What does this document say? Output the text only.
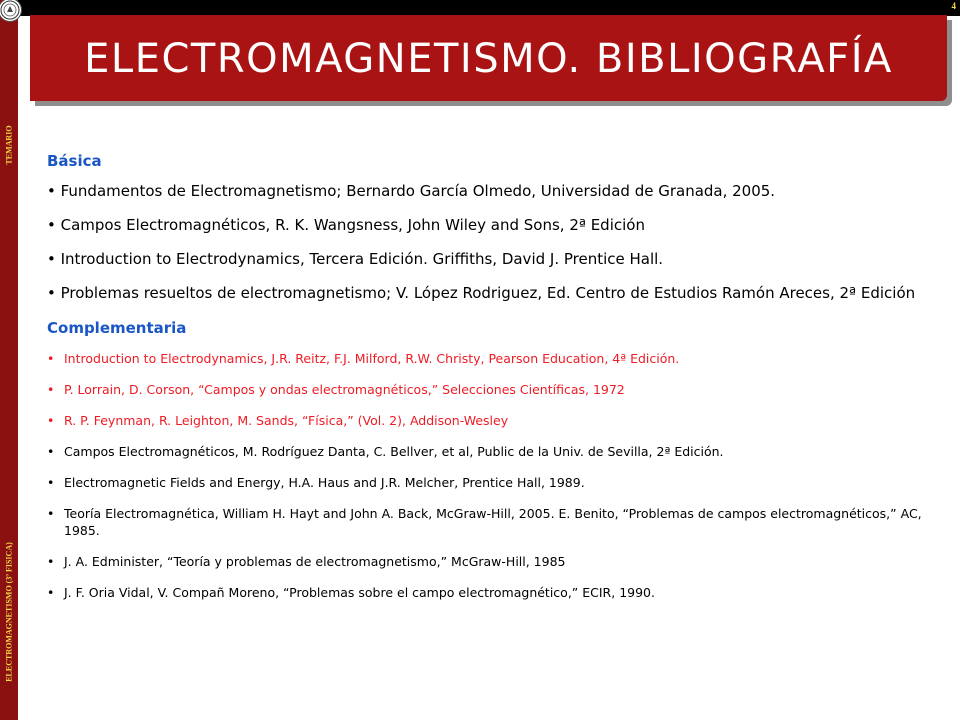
4
TEMARIO
ELECTROMAGNETISMO (3º FISICA)
ELECTROMAGNETISMO. BIBLIOGRAFÍA
Básica
• Fundamentos de Electromagnetismo; Bernardo García Olmedo, Universidad de Granada, 2005.
• Campos Electromagnéticos, R. K. Wangsness, John Wiley and Sons, 2ª Edición
• Introduction to Electrodynamics, Tercera Edición. Griffiths, David J. Prentice Hall.
• Problemas resueltos de electromagnetismo; V. López Rodriguez, Ed. Centro de Estudios Ramón Areces, 2ª Edición
Complementaria
• Introduction to Electrodynamics, J.R. Reitz, F.J. Milford, R.W. Christy, Pearson Education, 4ª Edición.
• P. Lorrain, D. Corson, “Campos y ondas electromagnéticos,” Selecciones Científicas, 1972
• R. P. Feynman, R. Leighton, M. Sands, “Física,” (Vol. 2), Addison-Wesley
• Campos Electromagnéticos, M. Rodríguez Danta, C. Bellver, et al, Public de la Univ. de Sevilla, 2ª Edición.
• Electromagnetic Fields and Energy, H.A. Haus and J.R. Melcher, Prentice Hall, 1989.
• Teoría Electromagnética, William H. Hayt and John A. Back, McGraw-Hill, 2005. E. Benito, “Problemas de campos electromagnéticos,” AC, 1985.
• J. A. Edminister, “Teoría y problemas de electromagnetismo,” McGraw-Hill, 1985
• J. F. Oria Vidal, V. Compañ Moreno, “Problemas sobre el campo electromagnético,” ECIR, 1990.
